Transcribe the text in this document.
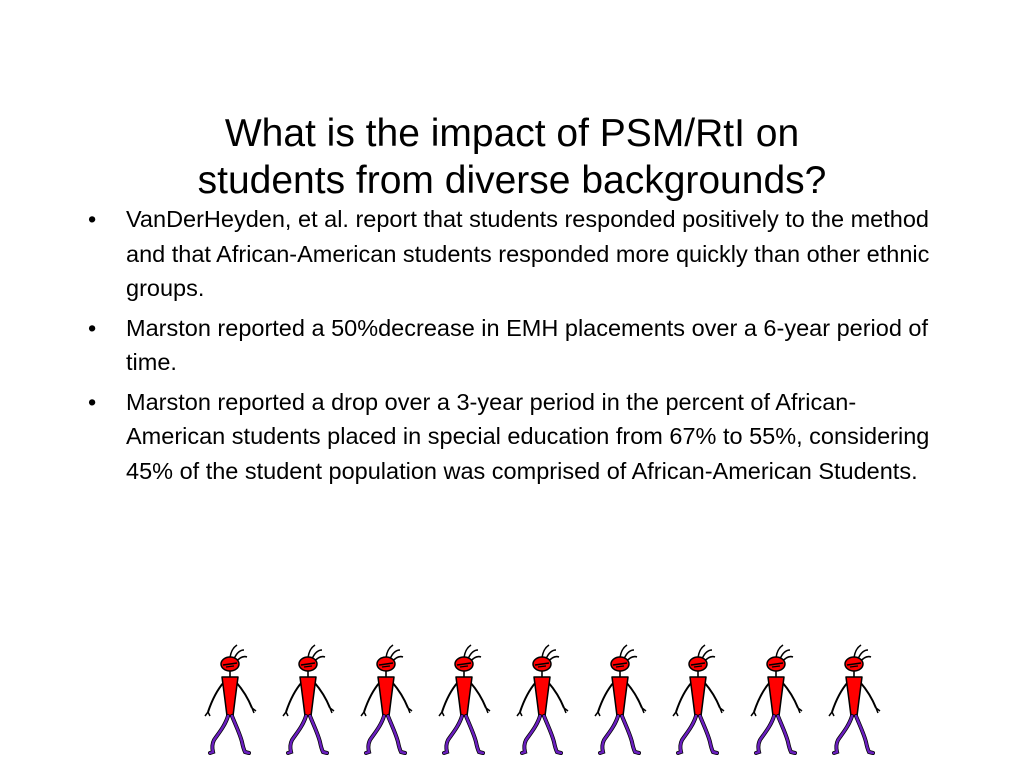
What is the impact of PSM/RtI on
students from diverse backgrounds?
• VanDerHeyden, et al. report that students responded positively to the method and that African-American students responded more quickly than other ethnic groups.
• Marston reported a 50%decrease in EMH placements over a 6-year period of time.
• Marston reported a drop over a 3-year period in the percent of African-American students placed in special education from 67% to 55%, considering 45% of the student population was comprised of African-American Students.
